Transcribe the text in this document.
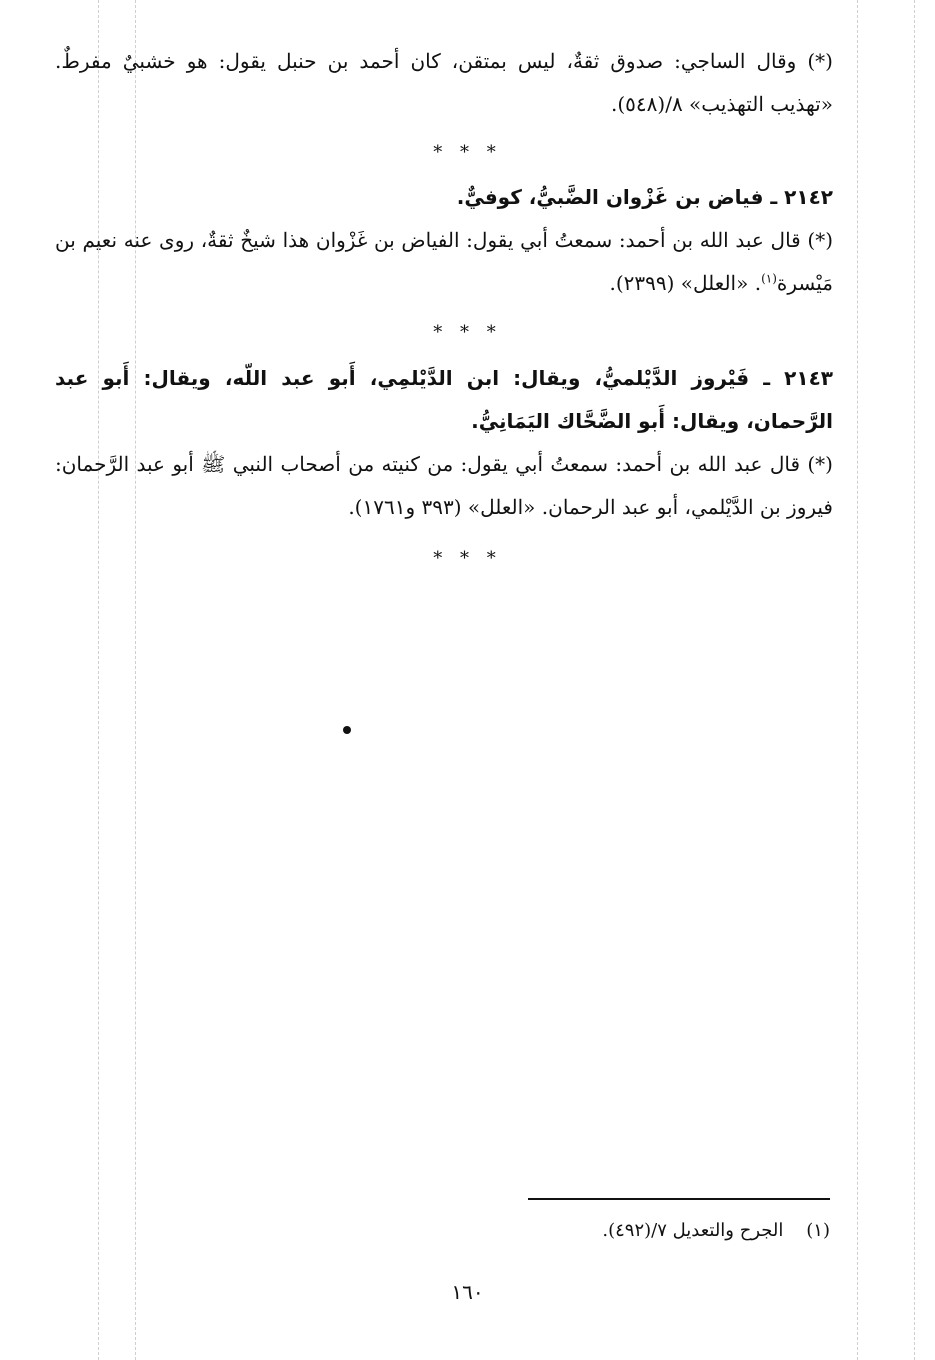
(*) وقال الساجي: صدوق ثقةٌ، ليس بمتقن، كان أحمد بن حنبل يقول: هو خشبيٌ مفرطٌ. «تهذيب التهذيب» ٨/(٥٤٨).

* * *

٢١٤٢ ـ فياض بن غَزْوان الضَّبيُّ، كوفيٌّ.

(*) قال عبد الله بن أحمد: سمعتُ أبي يقول: الفياض بن غَزْوان هذا شيخٌ ثقةٌ، روى عنه نعيم بن مَيْسرة$^{(١)}$. «العلل» (٢٣٩٩).

* * *

٢١٤٣ ـ فَيْروز الدَّيْلميُّ، ويقال: ابن الدَّيْلمِي، أَبو عبد اللّه، ويقال: أَبو عبد الرَّحمان، ويقال: أَبو الضَّحَّاك اليَمَانِيُّ.

(*) قال عبد الله بن أحمد: سمعتُ أبي يقول: من كنيته من أصحاب النبي ﷺ أبو عبد الرَّحمان: فيروز بن الدَّيْلمي، أبو عبد الرحمان. «العلل» (٣٩٣ و١٧٦١).

* * *
(١)    الجرح والتعديل ٧/(٤٩٢).
١٦٠
